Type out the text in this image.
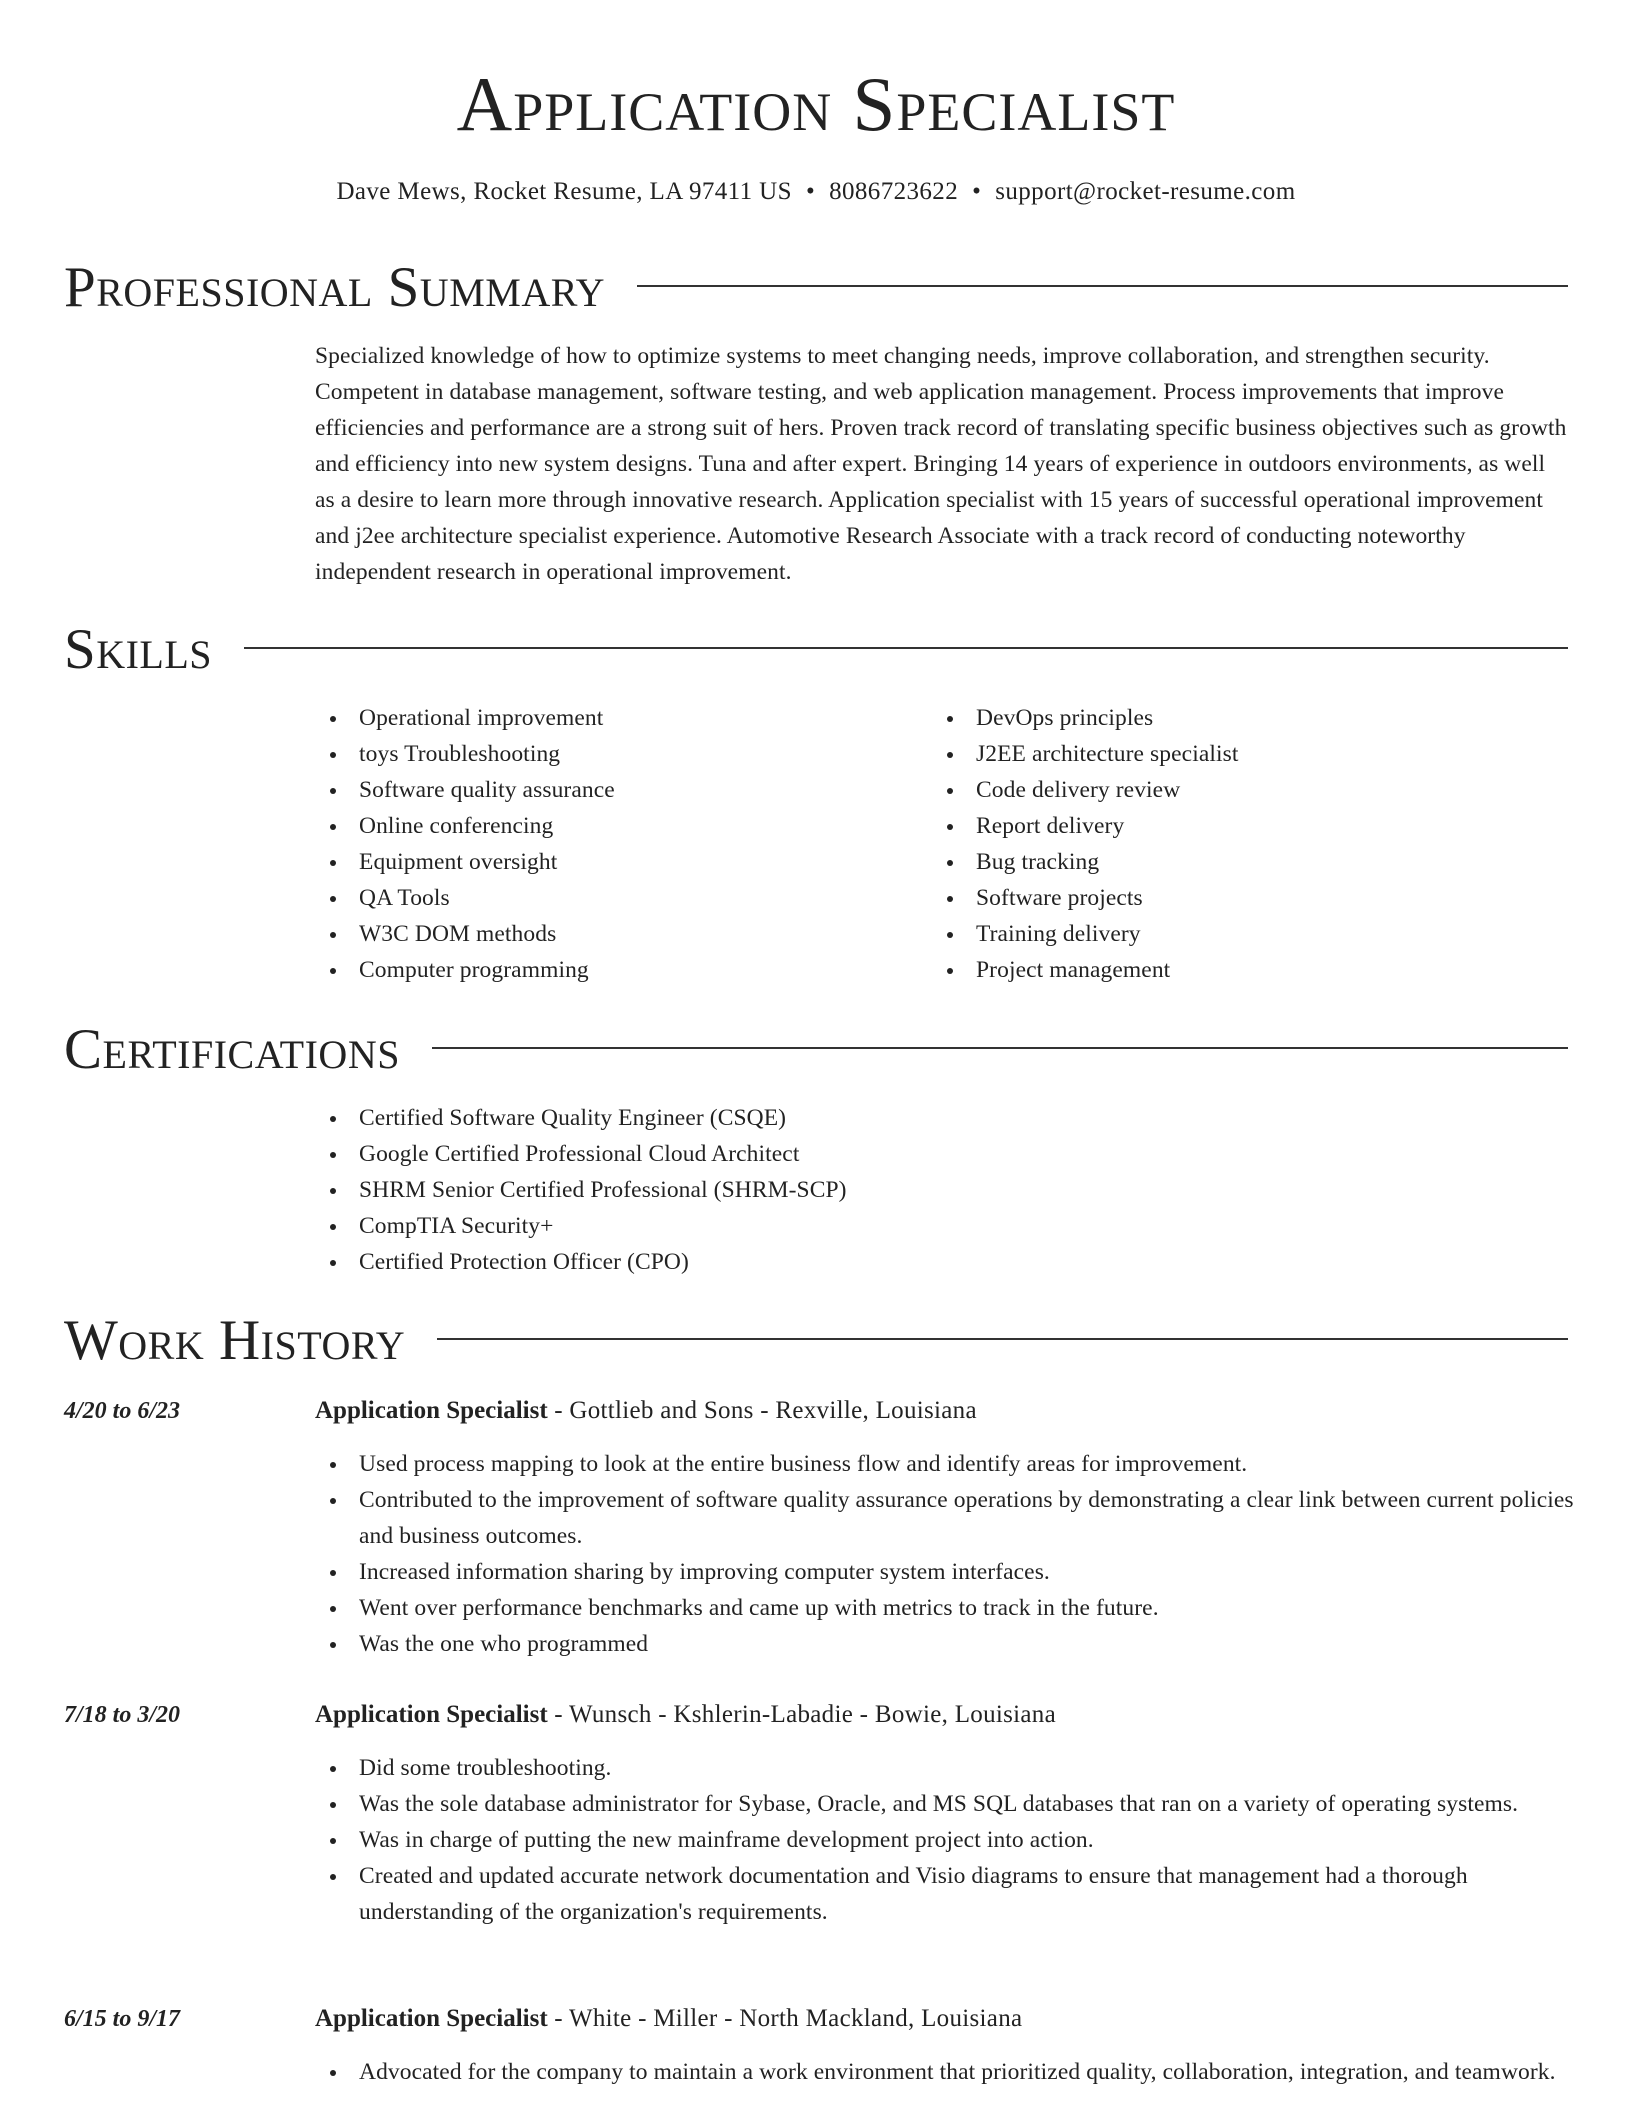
Application Specialist
Dave Mews, Rocket Resume, LA 97411 US • 8086723622 • support@rocket-resume.com
Professional Summary
Specialized knowledge of how to optimize systems to meet changing needs, improve collaboration, and strengthen security. Competent in database management, software testing, and web application management. Process improvements that improve efficiencies and performance are a strong suit of hers. Proven track record of translating specific business objectives such as growth and efficiency into new system designs. Tuna and after expert. Bringing 14 years of experience in outdoors environments, as well as a desire to learn more through innovative research. Application specialist with 15 years of successful operational improvement and j2ee architecture specialist experience. Automotive Research Associate with a track record of conducting noteworthy independent research in operational improvement.
Skills
Operational improvement
toys Troubleshooting
Software quality assurance
Online conferencing
Equipment oversight
QA Tools
W3C DOM methods
Computer programming
DevOps principles
J2EE architecture specialist
Code delivery review
Report delivery
Bug tracking
Software projects
Training delivery
Project management
Certifications
Certified Software Quality Engineer (CSQE)
Google Certified Professional Cloud Architect
SHRM Senior Certified Professional (SHRM-SCP)
CompTIA Security+
Certified Protection Officer (CPO)
Work History
4/20 to 6/23	Application Specialist - Gottlieb and Sons - Rexville, Louisiana
Used process mapping to look at the entire business flow and identify areas for improvement.
Contributed to the improvement of software quality assurance operations by demonstrating a clear link between current policies and business outcomes.
Increased information sharing by improving computer system interfaces.
Went over performance benchmarks and came up with metrics to track in the future.
Was the one who programmed
7/18 to 3/20	Application Specialist - Wunsch - Kshlerin-Labadie - Bowie, Louisiana
Did some troubleshooting.
Was the sole database administrator for Sybase, Oracle, and MS SQL databases that ran on a variety of operating systems.
Was in charge of putting the new mainframe development project into action.
Created and updated accurate network documentation and Visio diagrams to ensure that management had a thorough understanding of the organization's requirements.
6/15 to 9/17	Application Specialist - White - Miller - North Mackland, Louisiana
Advocated for the company to maintain a work environment that prioritized quality, collaboration, integration, and teamwork.
